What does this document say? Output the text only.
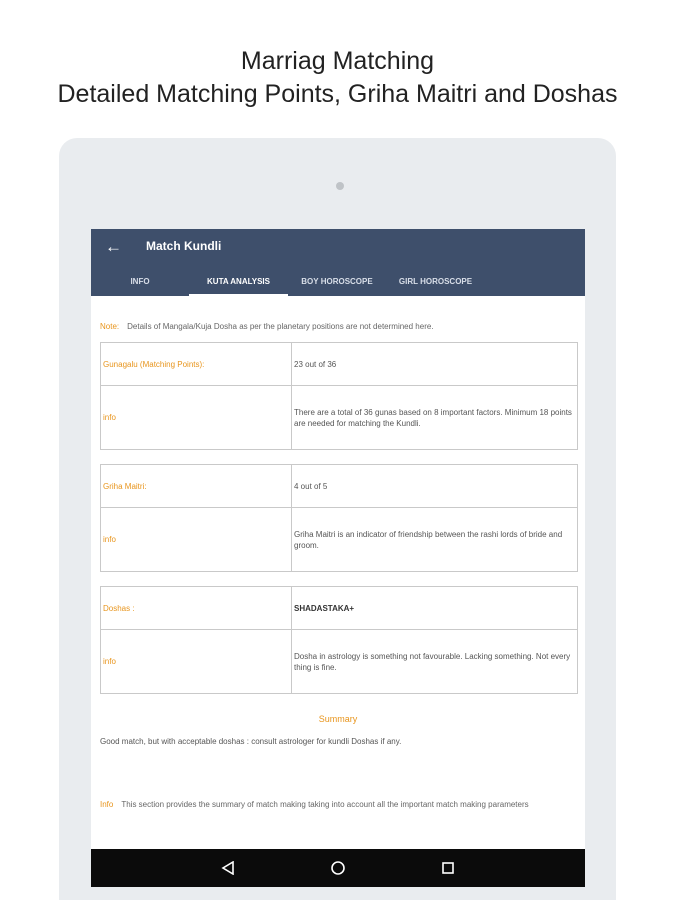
Marriag Matching
Detailed Matching Points, Griha Maitri and Doshas
← Match Kundli
INFO	KUTA ANALYSIS	BOY HOROSCOPE	GIRL HOROSCOPE
Note: Details of Mangala/Kuja Dosha as per the planetary positions are not determined here.
Gunagalu (Matching Points):	23 out of 36
info
There are a total of 36 gunas based on 8 important factors. Minimum 18 points are needed for matching the Kundli.
Griha Maitri:	4 out of 5
info
Griha Maitri is an indicator of friendship between the rashi lords of bride and groom.
Doshas :	SHADASTAKA+
info
Dosha in astrology is something not favourable. Lacking something. Not every thing is fine.
Summary
Good match, but with acceptable doshas : consult astrologer for kundli Doshas if any.
Info This section provides the summary of match making taking into account all the important match making parameters
